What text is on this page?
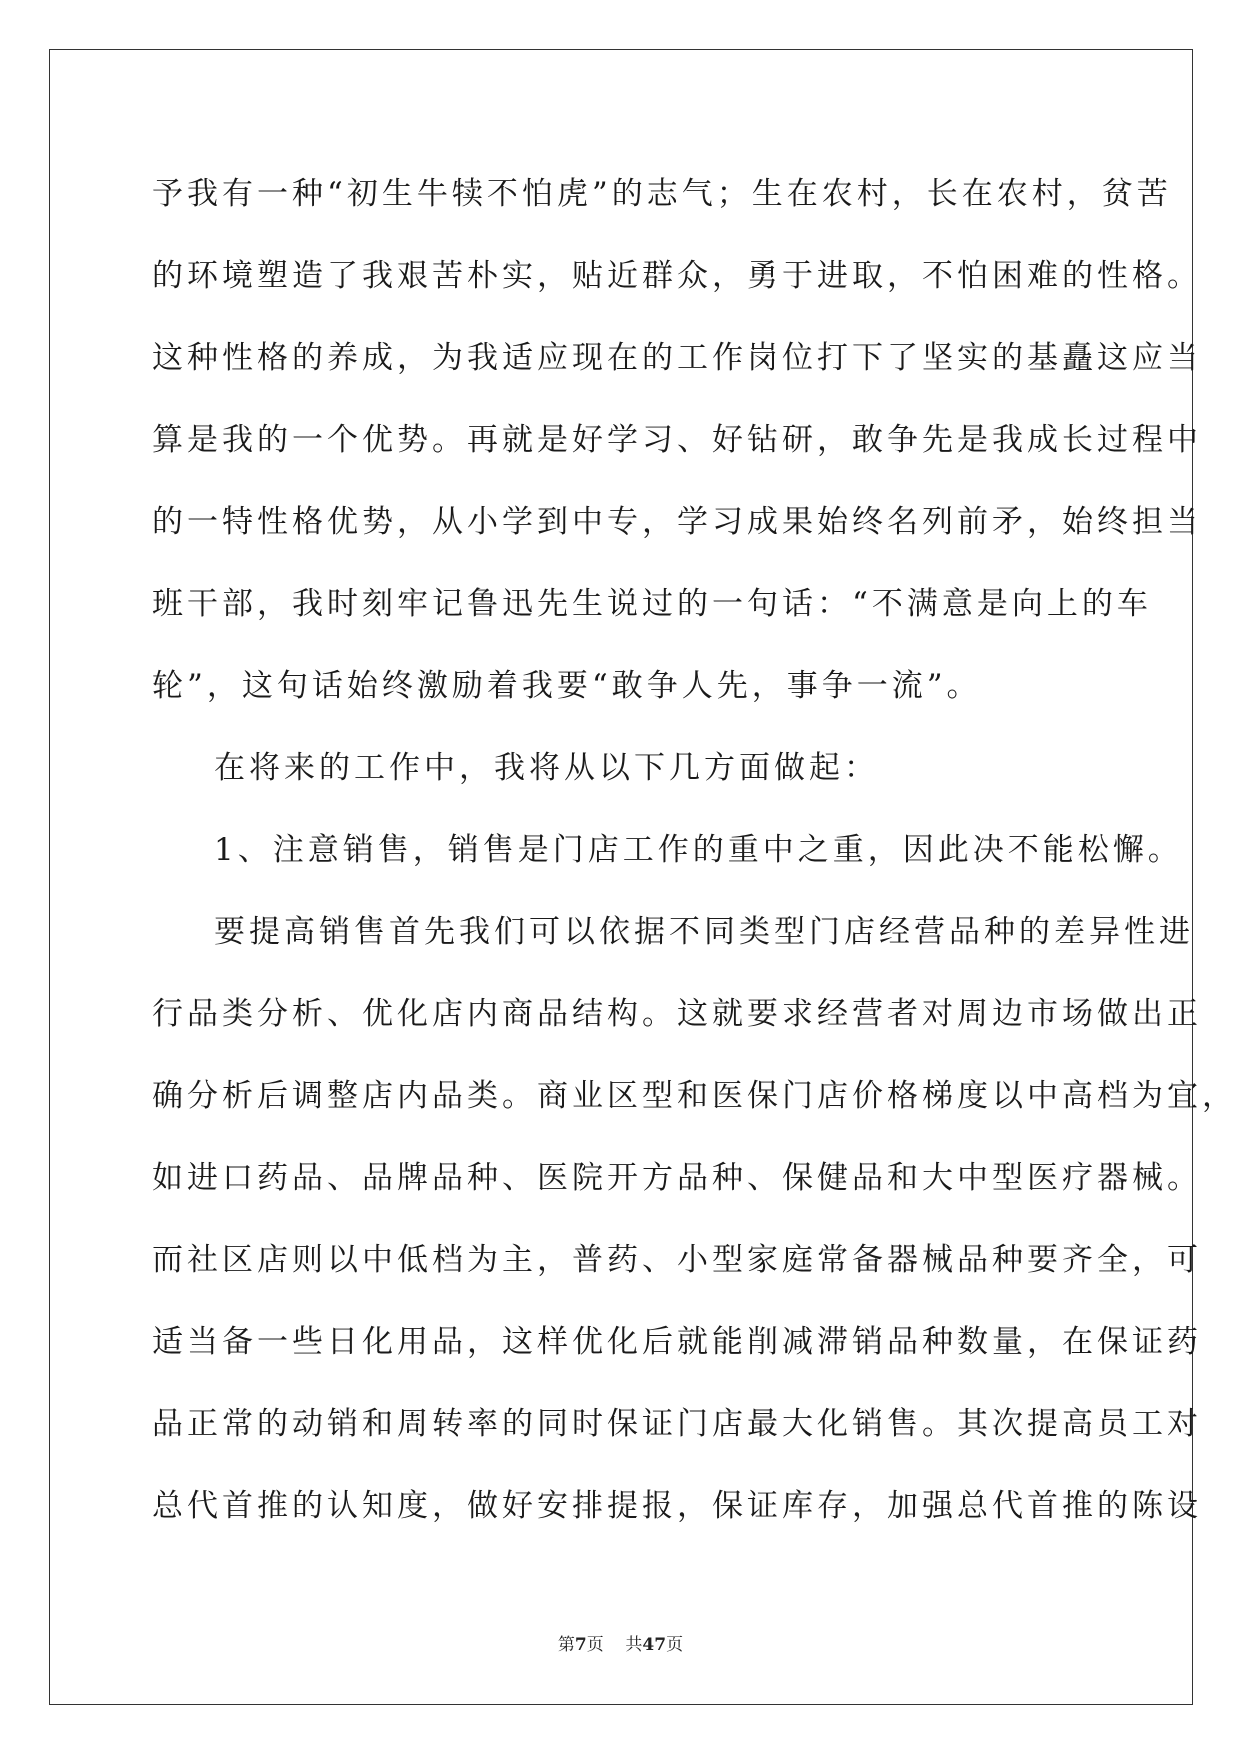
予我有一种“初生牛犊不怕虎”的志气；生在农村，长在农村，贫苦
的环境塑造了我艰苦朴实，贴近群众，勇于进取，不怕困难的性格。
这种性格的养成，为我适应现在的工作岗位打下了坚实的基矗这应当
算是我的一个优势。再就是好学习、好钻研，敢争先是我成长过程中
的一特性格优势，从小学到中专，学习成果始终名列前矛，始终担当
班干部，我时刻牢记鲁迅先生说过的一句话：“不满意是向上的车
轮”，这句话始终激励着我要“敢争人先，事争一流”。
在将来的工作中，我将从以下几方面做起：
1、注意销售，销售是门店工作的重中之重，因此决不能松懈。
要提高销售首先我们可以依据不同类型门店经营品种的差异性进
行品类分析、优化店内商品结构。这就要求经营者对周边市场做出正
确分析后调整店内品类。商业区型和医保门店价格梯度以中高档为宜，
如进口药品、品牌品种、医院开方品种、保健品和大中型医疗器械。
而社区店则以中低档为主，普药、小型家庭常备器械品种要齐全，可
适当备一些日化用品，这样优化后就能削减滞销品种数量，在保证药
品正常的动销和周转率的同时保证门店最大化销售。其次提高员工对
总代首推的认知度，做好安排提报，保证库存，加强总代首推的陈设
第7页 共47页
